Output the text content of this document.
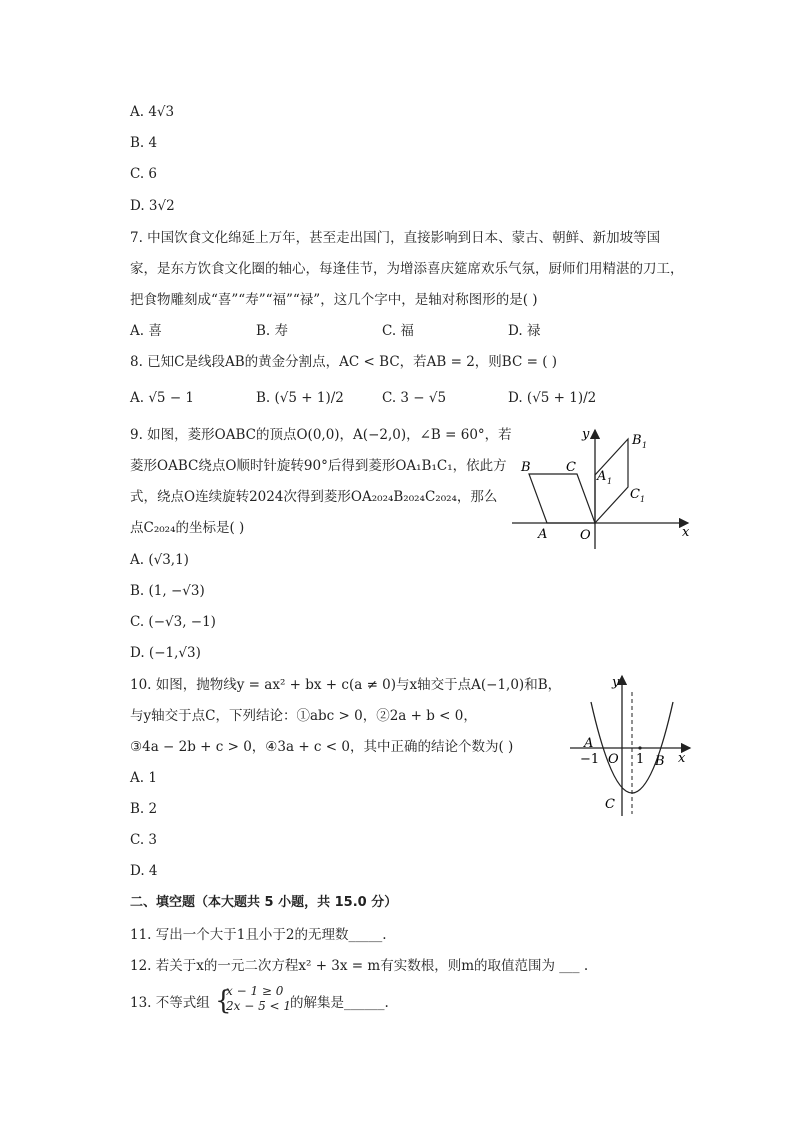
A. 4√3
B. 4
C. 6
D. 3√2
7. 中国饮食文化绵延上万年，甚至走出国门，直接影响到日本、蒙古、朝鲜、新加坡等国
家，是东方饮食文化圈的轴心，每逢佳节，为增添喜庆筵席欢乐气氛，厨师们用精湛的刀工，
把食物雕刻成“喜”“寿”“福”“禄”，这几个字中，是轴对称图形的是( )
A. 喜	B. 寿	C. 福	D. 禄
8. 已知C是线段AB的黄金分割点，AC < BC，若AB = 2，则BC = ( )
A. √5 − 1	B. (√5 + 1)/2	C. 3 − √5	D. (√5 + 1)/2
9. 如图，菱形OABC的顶点O(0,0)，A(−2,0)，∠B = 60°，若
菱形OABC绕点O顺时针旋转90°后得到菱形OA₁B₁C₁，依此方
式，绕点O连续旋转2024次得到菱形OA₂₀₂₄B₂₀₂₄C₂₀₂₄，那么
点C₂₀₂₄的坐标是( )
A. (√3,1)
B. (1, −√3)
C. (−√3, −1)
D. (−1,√3)
y
x
O
A
B	C
A 1
B 1
C 1
10. 如图，抛物线y = ax² + bx + c(a ≠ 0)与x轴交于点A(−1,0)和B，
与y轴交于点C，下列结论：①abc > 0，②2a + b < 0，
③4a − 2b + c > 0，④3a + c < 0，其中正确的结论个数为( )
A. 1
B. 2
C. 3
D. 4
y
x
A
−1 O 1 B
C
二、填空题（本大题共 5 小题，共 15.0 分）
11. 写出一个大于1且小于2的无理数_____.
12. 若关于x的一元二次方程x² + 3x = m有实数根，则m的取值范围为 ___ .
13. 不等式组 {
x − 1 ≥ 0
2x − 5 < 1
的解集是______.
